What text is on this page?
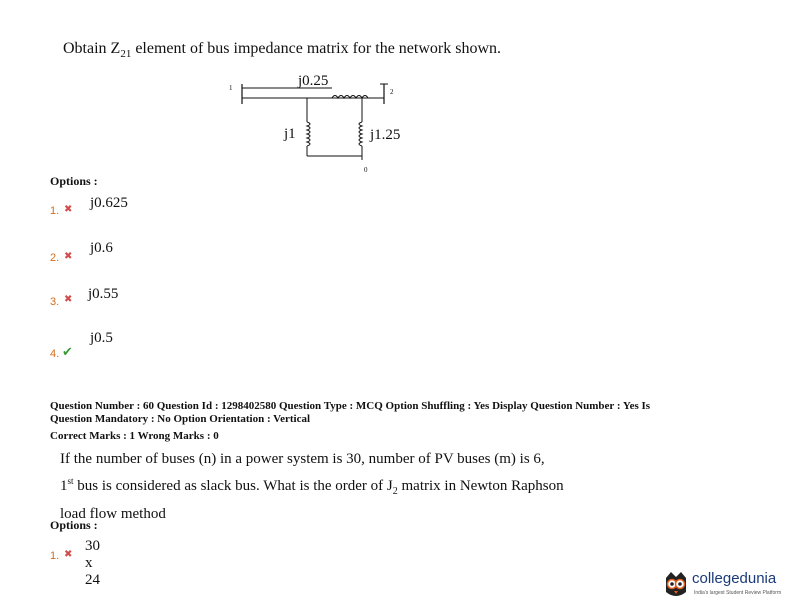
Obtain $Z_{21}$ element of bus impedance matrix for the network shown.
1	j0.25
2
j1	j1.25
0
Options :
1. ✖ j0.625
2. ✖
j0.6
3. ✖ j0.55
4. ✔
j0.5
Question Number : 60 Question Id : 1298402580 Question Type : MCQ Option Shuffling : Yes Display Question Number : Yes Is
Question Mandatory : No Option Orientation : Vertical
Correct Marks : 1 Wrong Marks : 0
If the number of buses (n) in a power system is 30, number of PV buses (m) is 6,
1st bus is considered as slack bus. What is the order of $J_2$ matrix in Newton Raphson
load flow method
Options :
1. ✖
30 x 24	collegedunia
India's largest Student Review Platform
